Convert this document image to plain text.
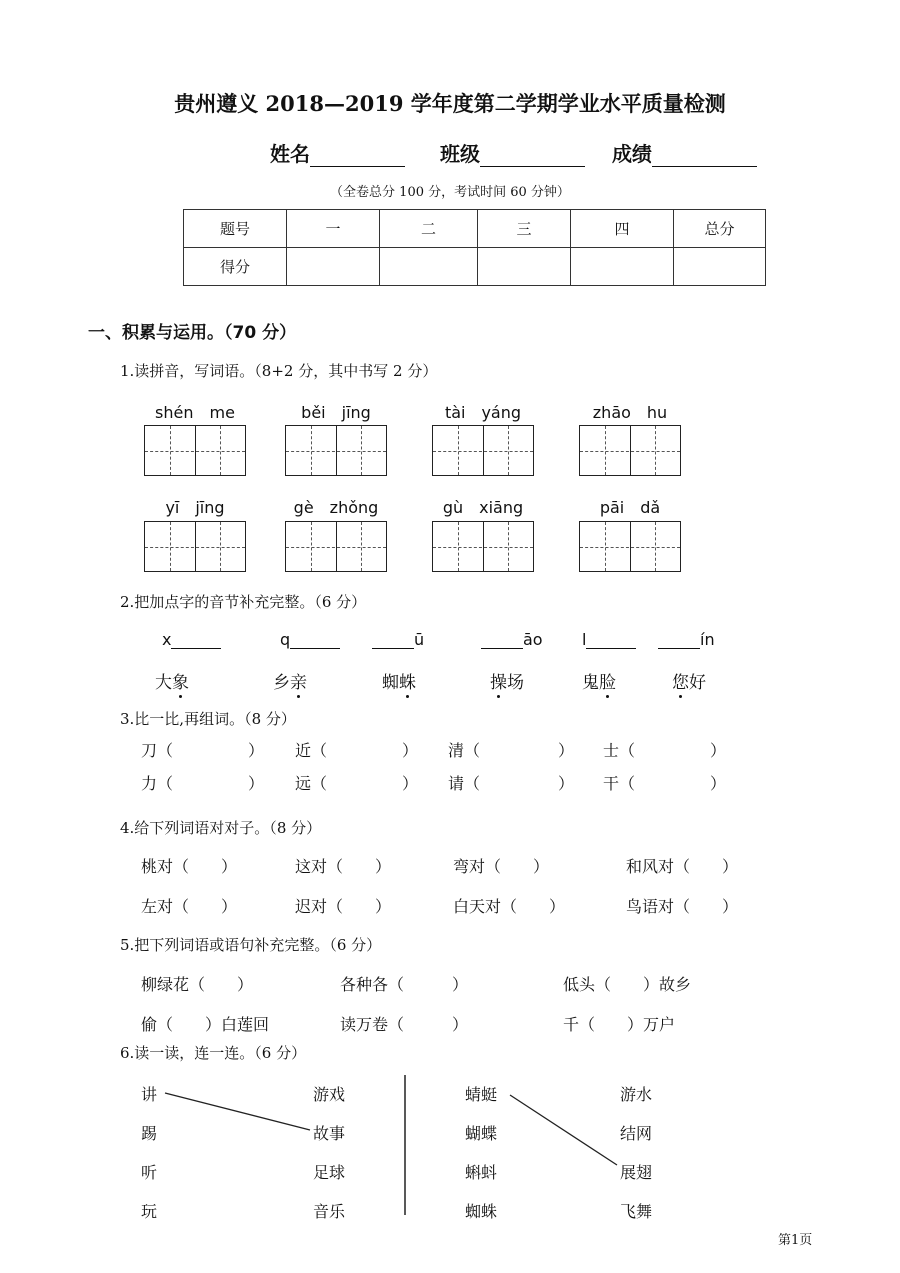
贵州遵义 2018—2019 学年度第二学期学业水平质量检测
姓名	班级	成绩
（全卷总分 100 分，考试时间 60 分钟）
题号	一	二	三	四	总分
得分					
一、积累与运用。（70 分）
1.读拼音，写词语。（8+2 分，其中书写 2 分）
shén　me	běi　jīng	tài　yáng	zhāo　hu
yī　jīng	gè　zhǒng	gù　xiāng	pāi　dǎ
2.把加点字的音节补充完整。（6 分）
x	q	ū	āo l	ín
大象	乡亲	蜘蛛	操场	鬼脸	您好
3.比一比,再组词。（8 分）
刀（	） 近（	） 清（	） 士（	）
力（	） 远（	） 请（	） 干（	）
4.给下列词语对对子。（8 分）
桃对（　　）	这对（　　）	弯对（　　）	和风对（　　）
左对（　　）	迟对（　　）	白天对（　　）	鸟语对（　　）
5.把下列词语或语句补充完整。（6 分）
柳绿花（　　）	各种各（　　　）	低头（　　）故乡
偷（　　）白莲回	读万卷（　　　）	千（　　）万户
6.读一读，连一连。（6 分）
讲
踢
听
玩
游戏
故事
足球
音乐
蜻蜓
蝴蝶
蝌蚪
蜘蛛
游水
结网
展翅
飞舞
第1页
